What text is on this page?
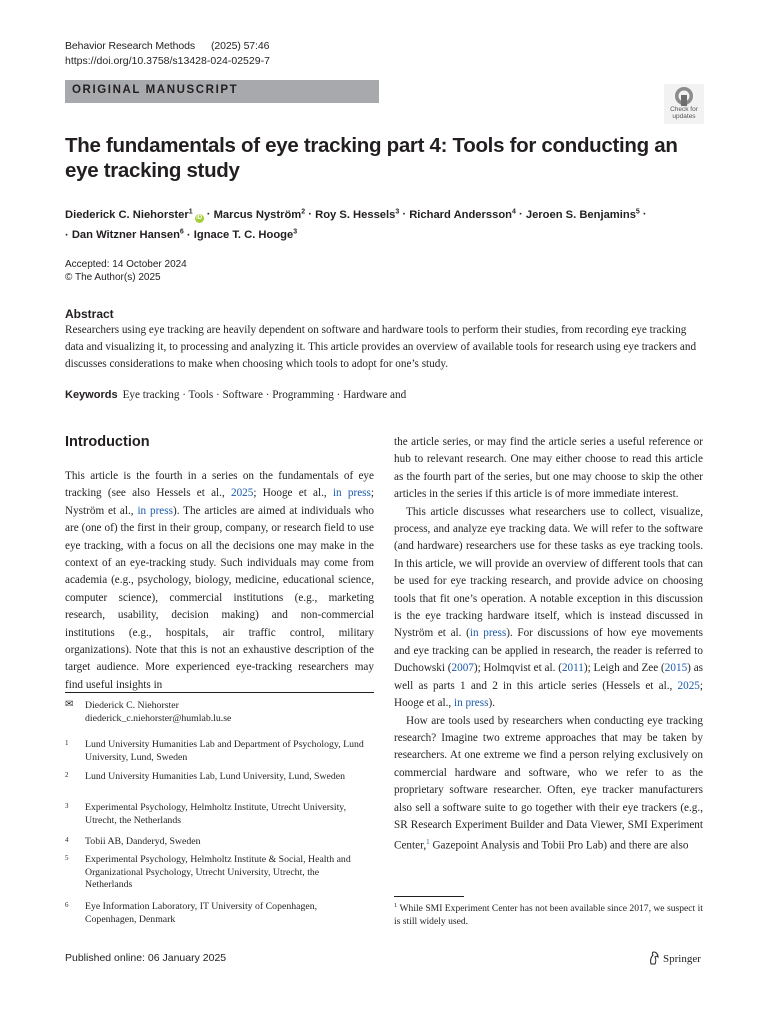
Behavior Research Methods (2025) 57:46
https://doi.org/10.3758/s13428-024-02529-7
ORIGINAL MANUSCRIPT
Check for
updates
The fundamentals of eye tracking part 4: Tools for conducting an eye tracking study
Diederick C. Niehorster$^1$iD · Marcus Nyström$^2$ · Roy S. Hessels$^3$ · Richard Andersson$^4$ · Jeroen S. Benjamins$^5$ ·
· Dan Witzner Hansen$^6$ · Ignace T. C. Hooge$^3$
Accepted: 14 October 2024
© The Author(s) 2025
Abstract
Researchers using eye tracking are heavily dependent on software and hardware tools to perform their studies, from recording eye tracking data and visualizing it, to processing and analyzing it. This article provides an overview of available tools for research using eye trackers and discusses considerations to make when choosing which tools to adopt for one’s study.
Keywords Eye tracking · Tools · Software · Programming · Hardware and
Introduction

This article is the fourth in a series on the fundamentals of eye tracking (see also Hessels et al., 2025; Hooge et al., in press; Nyström et al., in press). The articles are aimed at individuals who are (one of) the first in their group, company, or research field to use eye tracking, with a focus on all the decisions one may make in the context of an eye-tracking study. Such individuals may come from academia (e.g., psychology, biology, medicine, educational science, computer science), commercial institutions (e.g., marketing research, usability, decision making) and non-commercial institutions (e.g., hospitals, air traffic control, military organizations). Note that this is not an exhaustive description of the target audience. More experienced eye-tracking researchers may find useful insights in

the article series, or may find the article series a useful reference or hub to relevant research. One may either choose to read this article as the fourth part of the series, but one may choose to skip the other articles in the series if this article is of more immediate interest.

This article discusses what researchers use to collect, visualize, process, and analyze eye tracking data. We will refer to the software (and hardware) researchers use for these tasks as eye tracking tools. In this article, we will provide an overview of different tools that can be used for eye tracking research, and provide advice on choosing tools that fit one’s operation. A notable exception in this discussion is the eye tracking hardware itself, which is instead discussed in Nyström et al. (in press). For discussions of how eye movements and eye tracking can be applied in research, the reader is referred to Duchowski (2007); Holmqvist et al. (2011); Leigh and Zee (2015) as well as parts 1 and 2 in this article series (Hessels et al., 2025; Hooge et al., in press).

How are tools used by researchers when conducting eye tracking research? Imagine two extreme approaches that may be taken by researchers. At one extreme we find a person relying exclusively on commercial hardware and software, who we refer to as the proprietary software researcher. Often, eye tracker manufacturers also sell a software suite to go together with their eye trackers (e.g., SR Research Experiment Builder and Data Viewer, SMI Experiment Center,$^1$ Gazepoint Analysis and Tobii Pro Lab) and there are also

✉ Diederick C. Niehorster
diederick_c.niehorster@humlab.lu.se
1 Lund University Humanities Lab and Department of Psychology, Lund University, Lund, Sweden
2 Lund University Humanities Lab, Lund University, Lund, Sweden
3 Experimental Psychology, Helmholtz Institute, Utrecht University, Utrecht, the Netherlands
4 Tobii AB, Danderyd, Sweden
5 Experimental Psychology, Helmholtz Institute & Social, Health and Organizational Psychology, Utrecht University, Utrecht, the Netherlands
6 Eye Information Laboratory, IT University of Copenhagen, Copenhagen, Denmark
$^1$ While SMI Experiment Center has not been available since 2017, we suspect it is still widely used.
Published online: 06 January 2025	Springer
